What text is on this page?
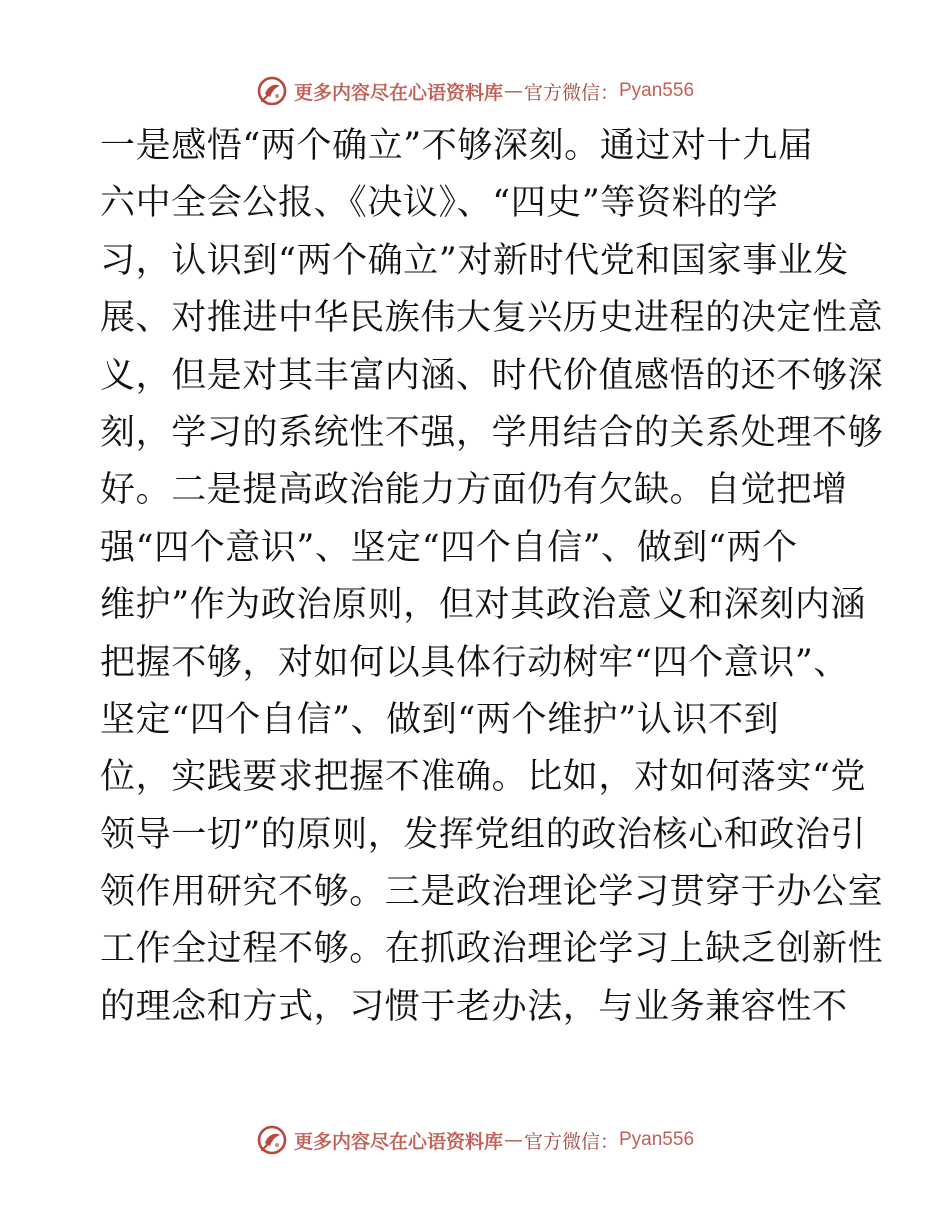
更多内容尽在心语资料库 — 官方微信： Pyan556
一是感悟“两个确立”不够深刻。通过对十九届
六中全会公报、《决议》、“四史”等资料的学
习，认识到“两个确立”对新时代党和国家事业发
展、对推进中华民族伟大复兴历史进程的决定性意
义，但是对其丰富内涵、时代价值感悟的还不够深
刻，学习的系统性不强，学用结合的关系处理不够
好。二是提高政治能力方面仍有欠缺。自觉把增
强“四个意识”、坚定“四个自信”、做到“两个
维护”作为政治原则，但对其政治意义和深刻内涵
把握不够，对如何以具体行动树牢“四个意识”、
坚定“四个自信”、做到“两个维护”认识不到
位，实践要求把握不准确。比如，对如何落实“党
领导一切”的原则，发挥党组的政治核心和政治引
领作用研究不够。三是政治理论学习贯穿于办公室
工作全过程不够。在抓政治理论学习上缺乏创新性
的理念和方式，习惯于老办法，与业务兼容性不
更多内容尽在心语资料库 — 官方微信： Pyan556
